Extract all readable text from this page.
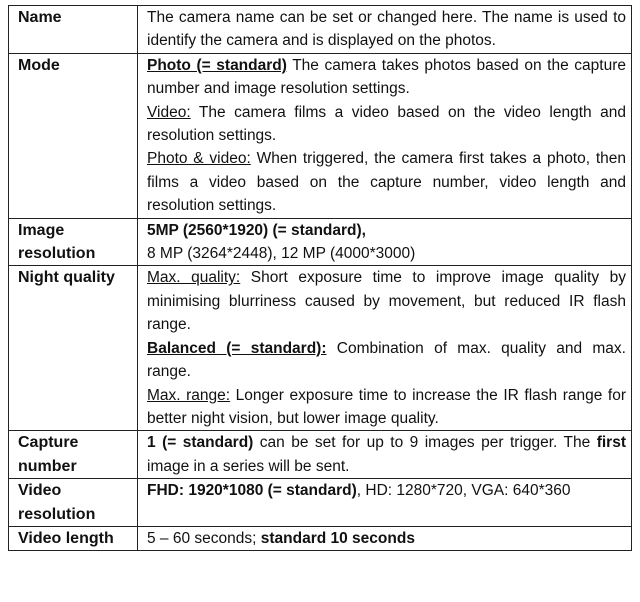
Name	The camera name can be set or changed here. The name is used to identify the camera and is displayed on the photos.
Mode	Photo (= standard) The camera takes photos based on the capture number and image resolution settings.
Video: The camera films a video based on the video length and resolution settings.
Photo & video: When triggered, the camera first takes a photo, then films a video based on the capture number, video length and resolution settings.

Image resolution	5MP (2560*1920) (= standard),
8 MP (3264*2448), 12 MP (4000*3000)

Night quality	Max. quality: Short exposure time to improve image quality by minimising blurriness caused by movement, but reduced IR flash range.
Balanced (= standard): Combination of max. quality and max. range.
Max. range: Longer exposure time to increase the IR flash range for better night vision, but lower image quality.

Capture number	1 (= standard) can be set for up to 9 images per trigger. The first image in a series will be sent.
Video resolution	FHD: 1920*1080 (= standard), HD: 1280*720, VGA: 640*360
Video length	5 – 60 seconds; standard 10 seconds
